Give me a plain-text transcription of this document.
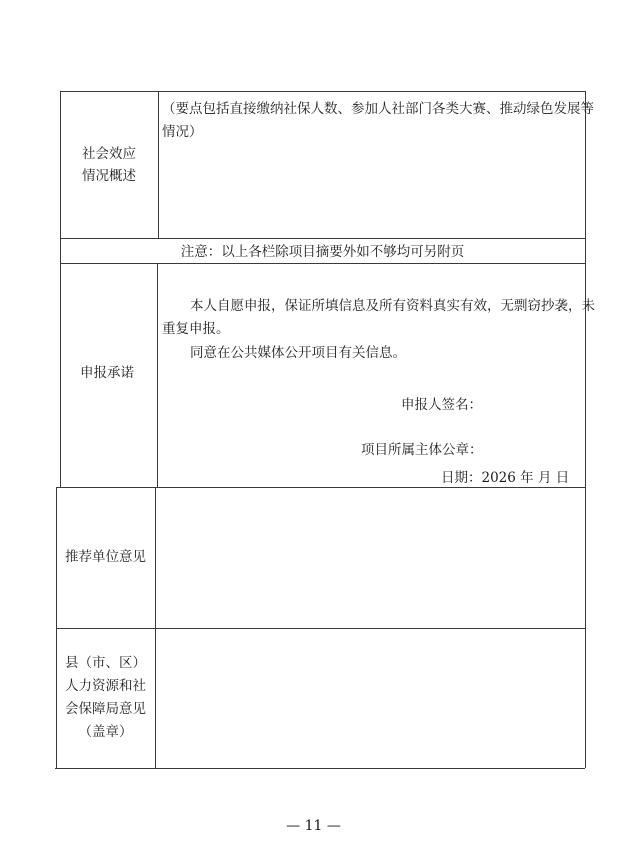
社会效应
情况概述
（要点包括直接缴纳社保人数、参加人社部门各类大赛、推动绿色发展等
情况）
注意：以上各栏除项目摘要外如不够均可另附页
申报承诺
本人自愿申报，保证所填信息及所有资料真实有效，无剽窃抄袭，未
重复申报。
同意在公共媒体公开项目有关信息。
申报人签名：
项目所属主体公章：
日期：2026 年 月 日
推荐单位意见
县（市、区）
人力资源和社
会保障局意见
（盖章）
— 11 —
